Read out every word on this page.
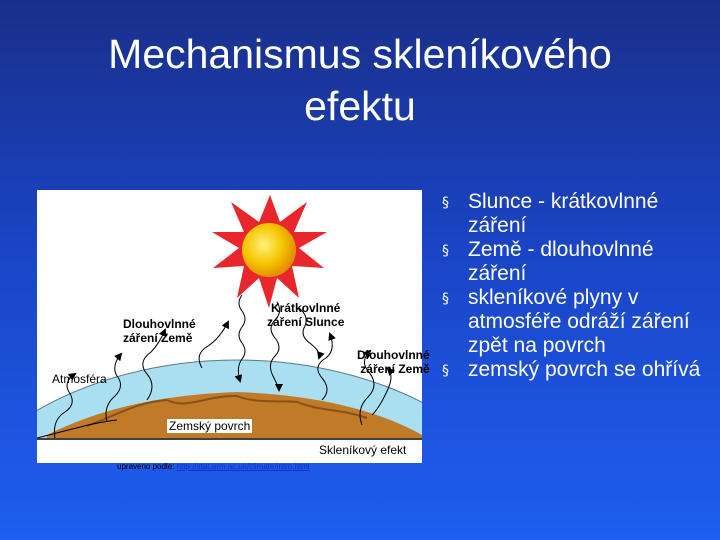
Mechanismus skleníkového
efektu
Dlouhovlnné
záření Země
Krátkovlnné
záření Slunce
Dlouhovlnné
záření Země
Atmosféra
Zemský povrch
Skleníkový efekt
upraveno podle: http://stat.arm.ac.uk/climate/intro.html
§ Slunce - krátkovlnné záření
§ Země - dlouhovlnné záření
§ skleníkové plyny v atmosféře odráží záření zpět na povrch
§ zemský povrch se ohřívá
